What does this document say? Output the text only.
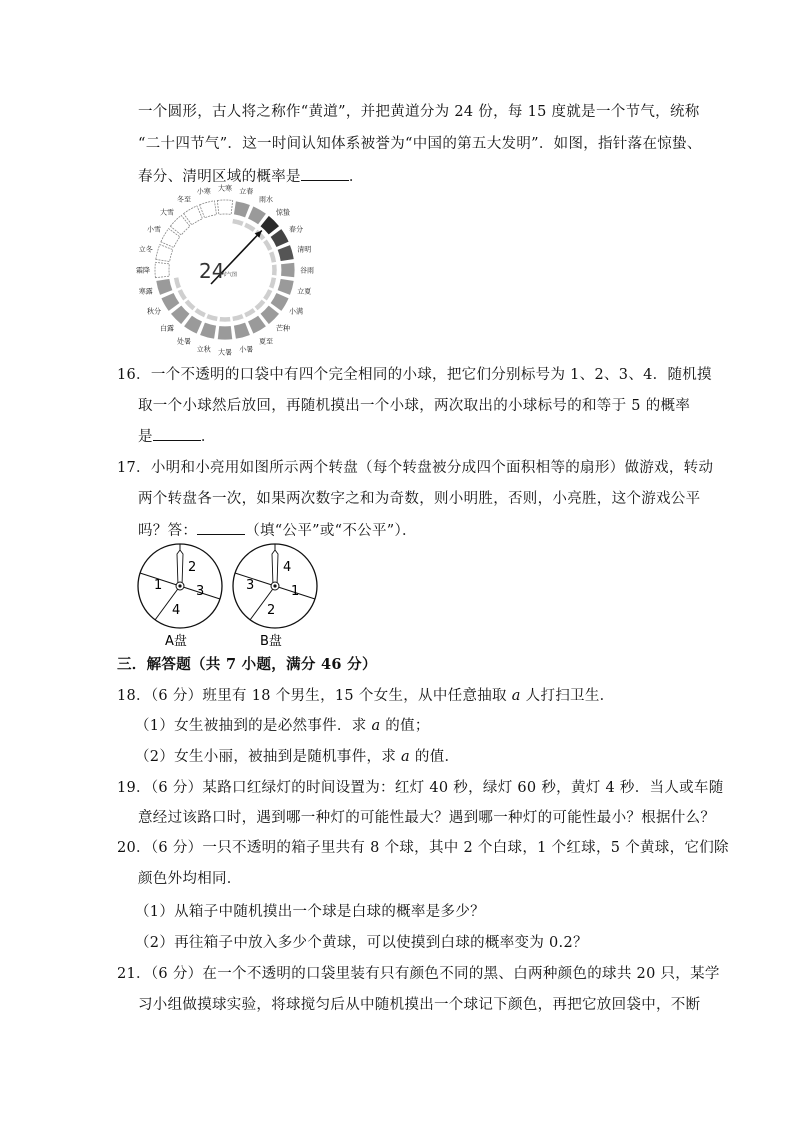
一个圆形，古人将之称作“黄道”，并把黄道分为 24 份，每 15 度就是一个节气，统称
“二十四节气”．这一时间认知体系被誉为“中国的第五大发明”．如图，指针落在惊蛰、
春分、清明区域的概率是	．
惊蛰
春分
清明
谷雨
立夏
小满
芒种
夏至
小暑
大暑
立秋
处暑
白露
秋分
寒露
霜降
立冬
小雪
大雪
冬至
小寒 大寒 立春
雨水
24
节气图
16．一个不透明的口袋中有四个完全相同的小球，把它们分别标号为 1、2、3、4．随机摸
取一个小球然后放回，再随机摸出一个小球，两次取出的小球标号的和等于 5 的概率
是	．
17．小明和小亮用如图所示两个转盘（每个转盘被分成四个面积相等的扇形）做游戏，转动
两个转盘各一次，如果两次数字之和为奇数，则小明胜，否则，小亮胜，这个游戏公平
吗？答：	（填“公平”或“不公平”）．
2
3
4
1
A盘
4
1
2
3
B盘
三．解答题（共 7 小题，满分 46 分）
18．（6 分）班里有 18 个男生，15 个女生，从中任意抽取 a 人打扫卫生．
（1）女生被抽到的是必然事件．求 a 的值；
（2）女生小丽，被抽到是随机事件，求 a 的值．
19．（6 分）某路口红绿灯的时间设置为：红灯 40 秒，绿灯 60 秒，黄灯 4 秒．当人或车随
意经过该路口时，遇到哪一种灯的可能性最大？遇到哪一种灯的可能性最小？根据什么？
20．（6 分）一只不透明的箱子里共有 8 个球，其中 2 个白球，1 个红球，5 个黄球，它们除
颜色外均相同．
（1）从箱子中随机摸出一个球是白球的概率是多少？
（2）再往箱子中放入多少个黄球，可以使摸到白球的概率变为 0.2？
21．（6 分）在一个不透明的口袋里装有只有颜色不同的黑、白两种颜色的球共 20 只，某学
习小组做摸球实验，将球搅匀后从中随机摸出一个球记下颜色，再把它放回袋中，不断
